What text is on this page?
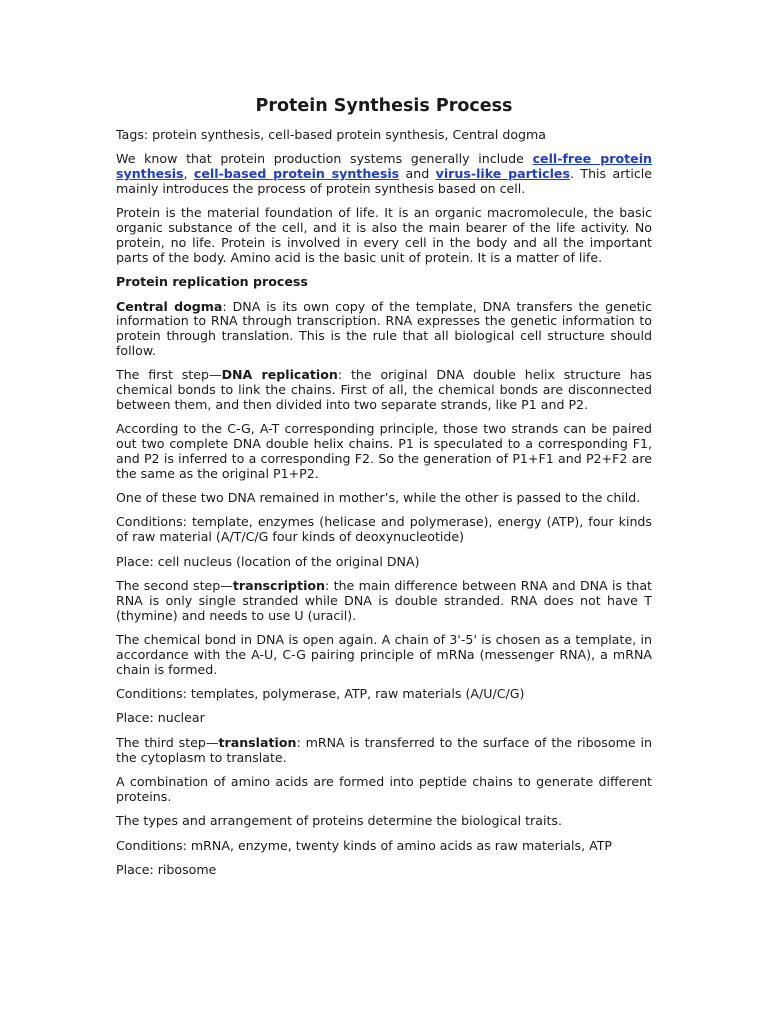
Protein Synthesis Process

Tags: protein synthesis, cell-based protein synthesis, Central dogma

We know that protein production systems generally include cell-free protein synthesis, cell-based protein synthesis and virus-like particles. This article mainly introduces the process of protein synthesis based on cell.

Protein is the material foundation of life. It is an organic macromolecule, the basic organic substance of the cell, and it is also the main bearer of the life activity. No protein, no life. Protein is involved in every cell in the body and all the important parts of the body. Amino acid is the basic unit of protein. It is a matter of life.

Protein replication process

Central dogma: DNA is its own copy of the template, DNA transfers the genetic information to RNA through transcription. RNA expresses the genetic information to protein through translation. This is the rule that all biological cell structure should follow.

The first step—DNA replication: the original DNA double helix structure has chemical bonds to link the chains. First of all, the chemical bonds are disconnected between them, and then divided into two separate strands, like P1 and P2.

According to the C-G, A-T corresponding principle, those two strands can be paired out two complete DNA double helix chains. P1 is speculated to a corresponding F1, and P2 is inferred to a corresponding F2. So the generation of P1+F1 and P2+F2 are the same as the original P1+P2.

One of these two DNA remained in mother’s, while the other is passed to the child.

Conditions: template, enzymes (helicase and polymerase), energy (ATP), four kinds of raw material (A/T/C/G four kinds of deoxynucleotide)

Place: cell nucleus (location of the original DNA)

The second step—transcription: the main difference between RNA and DNA is that RNA is only single stranded while DNA is double stranded. RNA does not have T (thymine) and needs to use U (uracil).

The chemical bond in DNA is open again. A chain of 3'-5' is chosen as a template, in accordance with the A-U, C-G pairing principle of mRNa (messenger RNA), a mRNA chain is formed.

Conditions: templates, polymerase, ATP, raw materials (A/U/C/G)

Place: nuclear

The third step—translation: mRNA is transferred to the surface of the ribosome in the cytoplasm to translate.

A combination of amino acids are formed into peptide chains to generate different proteins.

The types and arrangement of proteins determine the biological traits.

Conditions: mRNA, enzyme, twenty kinds of amino acids as raw materials, ATP

Place: ribosome
